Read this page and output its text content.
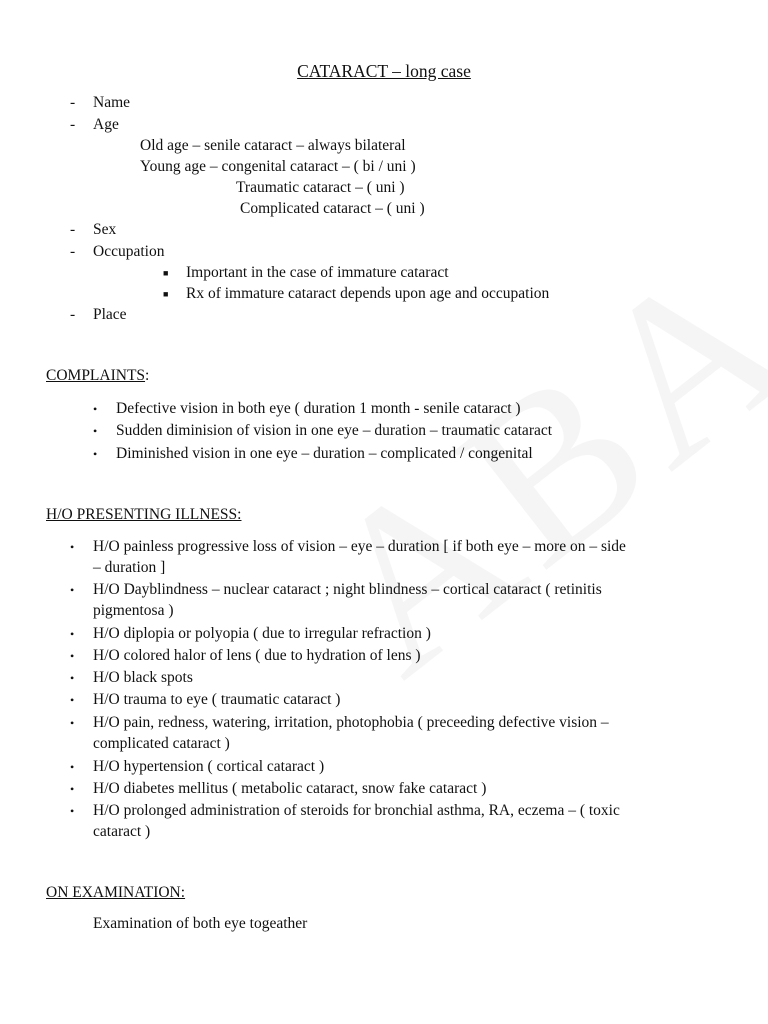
CATARACT – long case
- Name
- Age
Old age – senile cataract – always bilateral
Young age – congenital cataract – ( bi / uni )
Traumatic cataract – ( uni )
Complicated cataract – ( uni )
- Sex
- Occupation
■ Important in the case of immature cataract
■ Rx of immature cataract depends upon age and occupation
- Place
COMPLAINTS:
• Defective vision in both eye ( duration 1 month - senile cataract )
• Sudden diminision of vision in one eye – duration – traumatic cataract
• Diminished vision in one eye – duration – complicated / congenital
H/O PRESENTING ILLNESS:
• H/O painless progressive loss of vision – eye – duration [ if both eye – more on – side
– duration ]
• H/O Dayblindness – nuclear cataract ; night blindness – cortical cataract ( retinitis
pigmentosa )
• H/O diplopia or polyopia ( due to irregular refraction )
• H/O colored halor of lens ( due to hydration of lens )
• H/O black spots
• H/O trauma to eye ( traumatic cataract )
• H/O pain, redness, watering, irritation, photophobia ( preceeding defective vision –
complicated cataract )
• H/O hypertension ( cortical cataract )
• H/O diabetes mellitus ( metabolic cataract, snow fake cataract )
• H/O prolonged administration of steroids for bronchial asthma, RA, eczema – ( toxic
cataract )
ON EXAMINATION:
Examination of both eye togeather
